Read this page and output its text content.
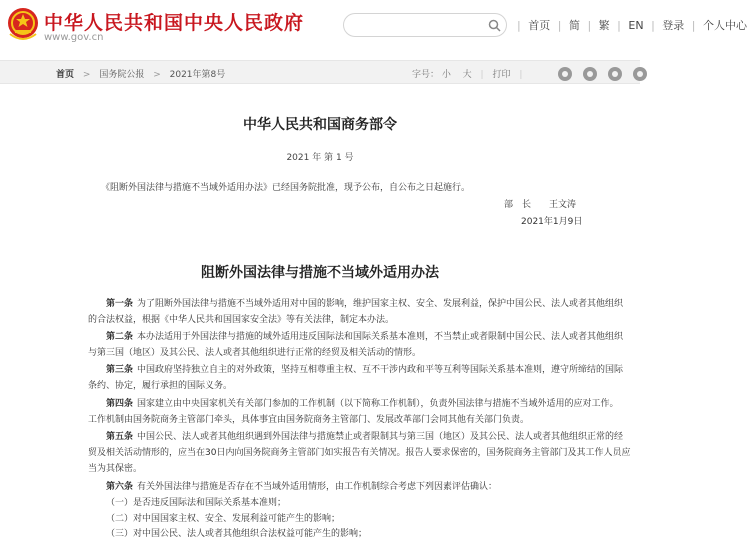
中华人民共和国中央人民政府
www.gov.cn
| 首页 | 简 | 繁 | EN | 登录 | 个人中心
首页 > 国务院公报 > 2021年第8号	字号： 小 大 | 打印 |

中华人民共和国商务部令
2021 年 第 1 号
《阻断外国法律与措施不当域外适用办法》已经国务院批准，现予公布，自公布之日起施行。
部　长　　王文涛
2021年1月9日
阻断外国法律与措施不当域外适用办法
第一条 为了阻断外国法律与措施不当域外适用对中国的影响，维护国家主权、安全、发展利益，保护中国公民、法人或者其他组织
的合法权益，根据《中华人民共和国国家安全法》等有关法律，制定本办法。
第二条 本办法适用于外国法律与措施的域外适用违反国际法和国际关系基本准则，不当禁止或者限制中国公民、法人或者其他组织
与第三国（地区）及其公民、法人或者其他组织进行正常的经贸及相关活动的情形。
第三条 中国政府坚持独立自主的对外政策，坚持互相尊重主权、互不干涉内政和平等互利等国际关系基本准则，遵守所缔结的国际
条约、协定，履行承担的国际义务。
第四条 国家建立由中央国家机关有关部门参加的工作机制（以下简称工作机制），负责外国法律与措施不当域外适用的应对工作。
工作机制由国务院商务主管部门牵头，具体事宜由国务院商务主管部门、发展改革部门会同其他有关部门负责。
第五条 中国公民、法人或者其他组织遇到外国法律与措施禁止或者限制其与第三国（地区）及其公民、法人或者其他组织正常的经
贸及相关活动情形的，应当在30日内向国务院商务主管部门如实报告有关情况。报告人要求保密的，国务院商务主管部门及其工作人员应
当为其保密。
第六条 有关外国法律与措施是否存在不当域外适用情形，由工作机制综合考虑下列因素评估确认：
（一）是否违反国际法和国际关系基本准则；
（二）对中国国家主权、安全、发展利益可能产生的影响；
（三）对中国公民、法人或者其他组织合法权益可能产生的影响；
